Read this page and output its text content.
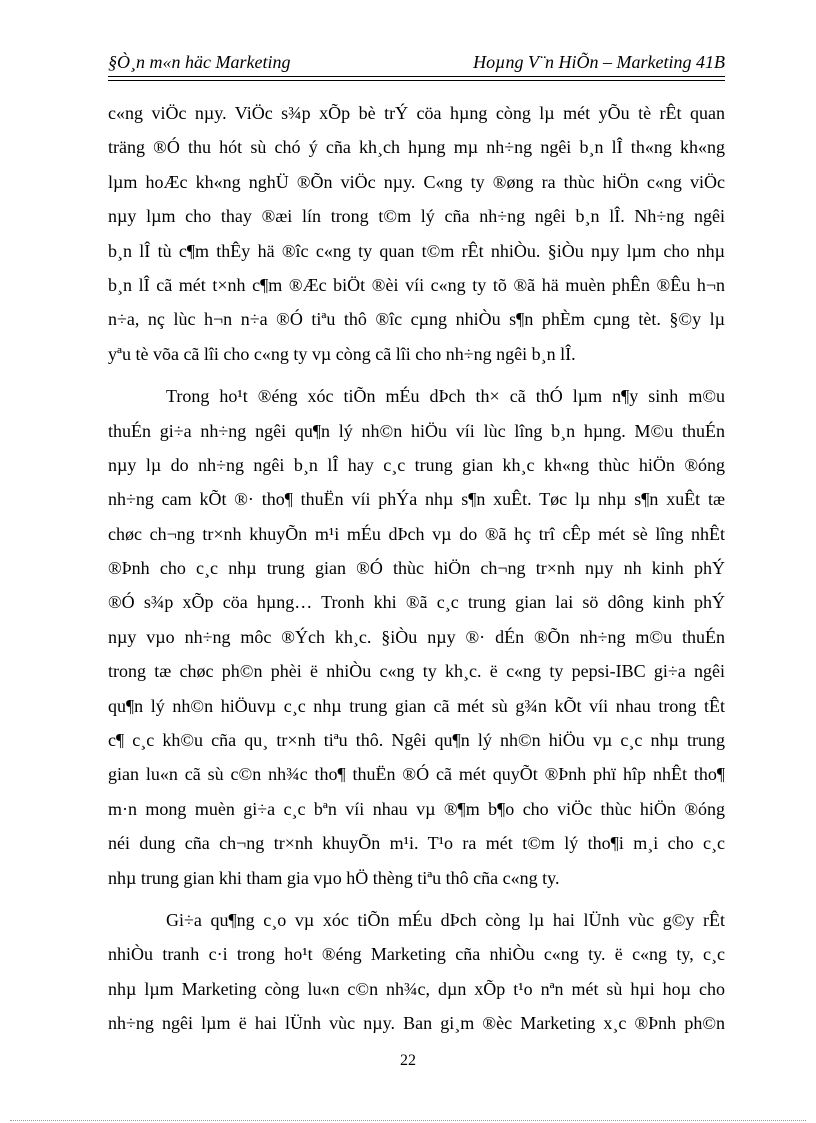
§Ò¸n m«n häc Marketing	Hoµng V¨n HiÕn – Marketing 41B
c«ng viÖc nµy. ViÖc s¾p xÕp bè trÝ cöa hµng còng lµ mét yÕu tè rÊt quan
träng ®Ó thu hót sù chó ý cña kh¸ch hµng mµ nh÷ng ngêi b¸n lÎ th«ng kh«ng
lµm hoÆc kh«ng nghÜ ®Õn viÖc nµy. C«ng ty ®øng ra thùc hiÖn c«ng viÖc
nµy lµm cho thay ®æi lín trong t©m lý cña nh÷ng ngêi b¸n lÎ. Nh÷ng ngêi
b¸n lÎ tù c¶m thÊy hä ®îc c«ng ty quan t©m rÊt nhiÒu. §iÒu nµy lµm cho nhµ
b¸n lÎ cã mét t×nh c¶m ®Æc biÖt ®èi víi c«ng ty tõ ®ã hä muèn phÊn ®Êu h¬n
n÷a, nç lùc h¬n n÷a ®Ó tiªu thô ®îc cµng nhiÒu s¶n phÈm cµng tèt. §©y lµ
yªu tè võa cã lîi cho c«ng ty vµ còng cã lîi cho nh÷ng ngêi b¸n lÎ.
Trong ho¹t ®éng xóc tiÕn mÉu dÞch th× cã thÓ lµm n¶y sinh m©u
thuÉn gi÷a nh÷ng ngêi qu¶n lý nh©n hiÖu víi lùc lîng b¸n hµng. M©u thuÉn
nµy lµ do nh÷ng ngêi b¸n lÎ hay c¸c trung gian kh¸c kh«ng thùc hiÖn ®óng
nh÷ng cam kÕt ®· tho¶ thuËn víi phÝa nhµ s¶n xuÊt. Tøc lµ nhµ s¶n xuÊt tæ
chøc ch¬ng tr×nh khuyÕn m¹i mÉu dÞch vµ do ®ã hç trî cÊp mét sè lîng nhÊt
®Þnh cho c¸c nhµ trung gian ®Ó thùc hiÖn ch¬ng tr×nh nµy nh kinh phÝ
®Ó s¾p xÕp cöa hµng… Tronh khi ®ã c¸c trung gian lai sö dông kinh phÝ
nµy vµo nh÷ng môc ®Ých kh¸c. §iÒu nµy ®· dÉn ®Õn nh÷ng m©u thuÉn
trong tæ chøc ph©n phèi ë nhiÒu c«ng ty kh¸c. ë c«ng ty pepsi-IBC gi÷a ngêi
qu¶n lý nh©n hiÖuvµ c¸c nhµ trung gian cã mét sù g¾n kÕt víi nhau trong tÊt
c¶ c¸c kh©u cña qu¸ tr×nh tiªu thô. Ngêi qu¶n lý nh©n hiÖu vµ c¸c nhµ trung
gian lu«n cã sù c©n nh¾c tho¶ thuËn ®Ó cã mét quyÕt ®Þnh phï hîp nhÊt tho¶
m·n mong muèn gi÷a c¸c bªn víi nhau vµ ®¶m b¶o cho viÖc thùc hiÖn ®óng
néi dung cña ch¬ng tr×nh khuyÕn m¹i. T¹o ra mét t©m lý tho¶i m¸i cho c¸c
nhµ trung gian khi tham gia vµo hÖ thèng tiªu thô cña c«ng ty.
Gi÷a qu¶ng c¸o vµ xóc tiÕn mÉu dÞch còng lµ hai lÜnh vùc g©y rÊt
nhiÒu tranh c·i trong ho¹t ®éng Marketing cña nhiÒu c«ng ty. ë c«ng ty, c¸c
nhµ lµm Marketing còng lu«n c©n nh¾c, dµn xÕp t¹o nªn mét sù hµi hoµ cho
nh÷ng ngêi lµm ë hai lÜnh vùc nµy. Ban gi¸m ®èc Marketing x¸c ®Þnh ph©n
22
